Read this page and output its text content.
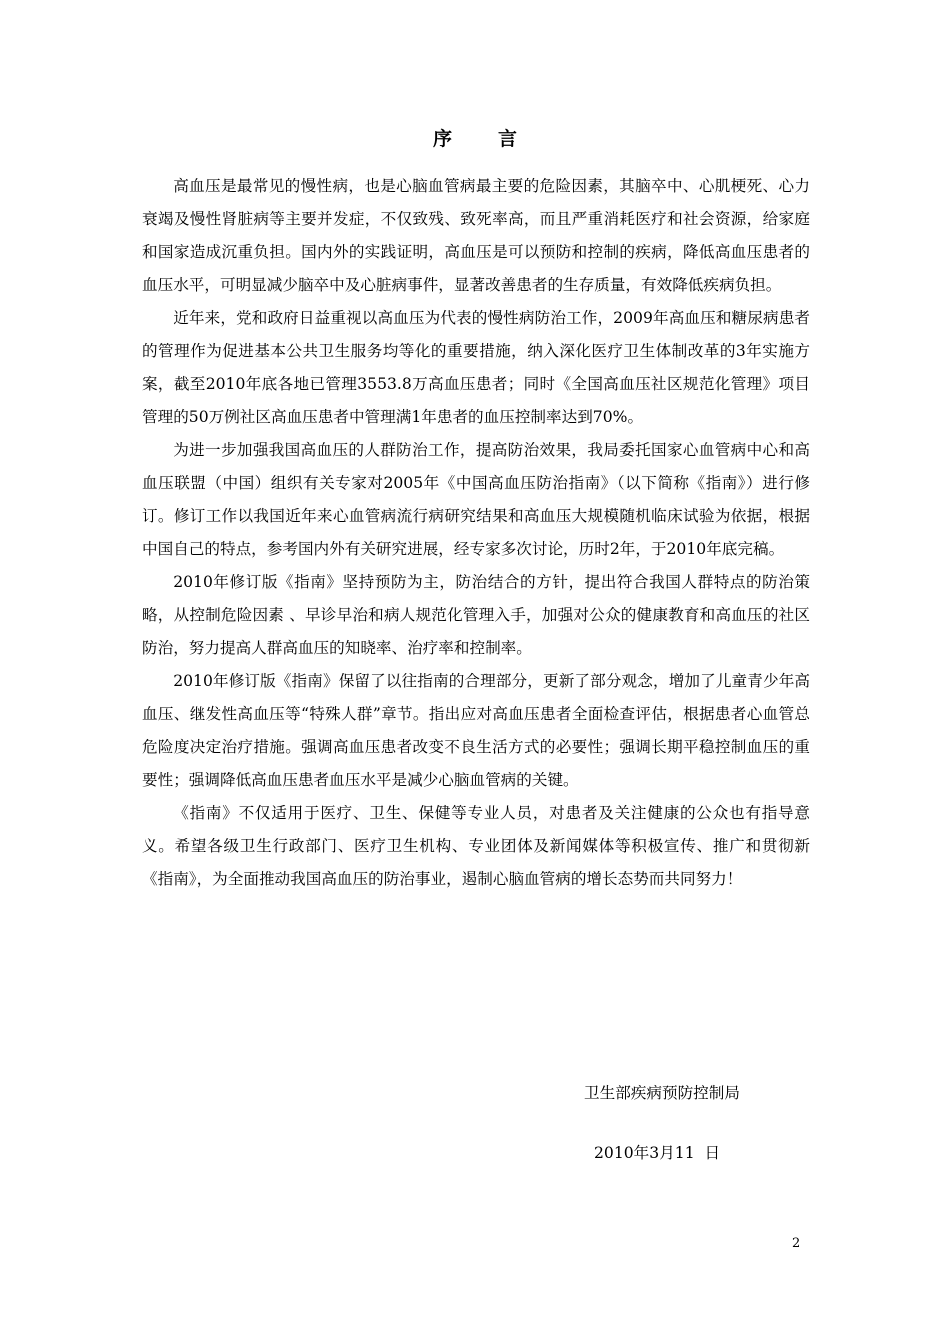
序言

高血压是最常见的慢性病，也是心脑血管病最主要的危险因素，其脑卒中、心肌梗死、心力衰竭及慢性肾脏病等主要并发症，不仅致残、致死率高，而且严重消耗医疗和社会资源，给家庭和国家造成沉重负担。国内外的实践证明，高血压是可以预防和控制的疾病，降低高血压患者的血压水平，可明显减少脑卒中及心脏病事件，显著改善患者的生存质量，有效降低疾病负担。

近年来，党和政府日益重视以高血压为代表的慢性病防治工作，2009年高血压和糖尿病患者的管理作为促进基本公共卫生服务均等化的重要措施，纳入深化医疗卫生体制改革的3年实施方案，截至2010年底各地已管理3553.8万高血压患者；同时《全国高血压社区规范化管理》项目管理的50万例社区高血压患者中管理满1年患者的血压控制率达到70%。

为进一步加强我国高血压的人群防治工作，提高防治效果，我局委托国家心血管病中心和高血压联盟（中国）组织有关专家对2005年《中国高血压防治指南》（以下简称《指南》）进行修订。修订工作以我国近年来心血管病流行病研究结果和高血压大规模随机临床试验为依据，根据中国自己的特点，参考国内外有关研究进展，经专家多次讨论，历时2年，于2010年底完稿。

2010年修订版《指南》坚持预防为主，防治结合的方针，提出符合我国人群特点的防治策略，从控制危险因素 、早诊早治和病人规范化管理入手，加强对公众的健康教育和高血压的社区防治，努力提高人群高血压的知晓率、治疗率和控制率。

2010年修订版《指南》保留了以往指南的合理部分，更新了部分观念，增加了儿童青少年高血压、继发性高血压等“特殊人群”章节。指出应对高血压患者全面检查评估，根据患者心血管总危险度决定治疗措施。强调高血压患者改变不良生活方式的必要性；强调长期平稳控制血压的重要性；强调降低高血压患者血压水平是减少心脑血管病的关键。

《指南》不仅适用于医疗、卫生、保健等专业人员，对患者及关注健康的公众也有指导意义。希望各级卫生行政部门、医疗卫生机构、专业团体及新闻媒体等积极宣传、推广和贯彻新《指南》，为全面推动我国高血压的防治事业，遏制心脑血管病的增长态势而共同努力！

卫生部疾病预防控制局

2010年3月11  日

2
